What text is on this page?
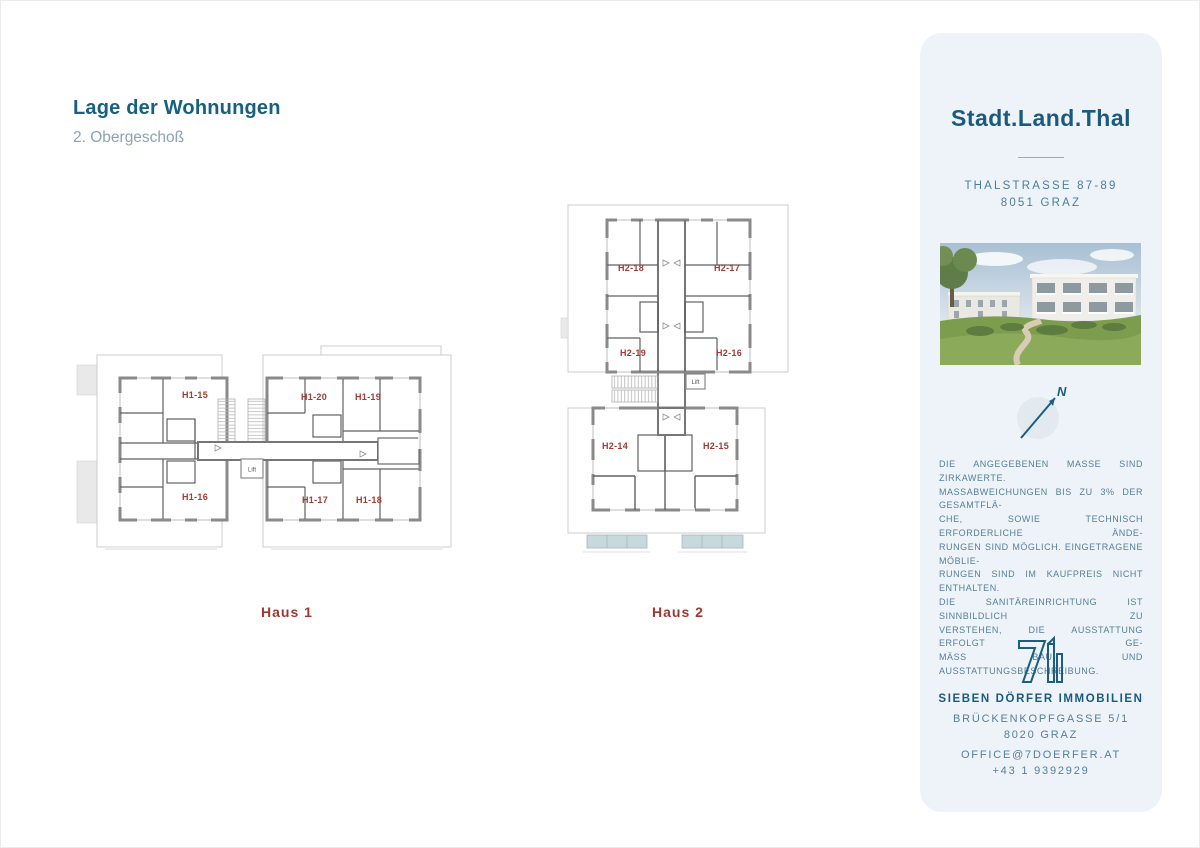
Lage der Wohnungen
2. Obergeschoß
Lift
H1-15	H1-20	H1-19
H1-16	H1-17	H1-18
Lift
H2-18	H2-17
H2-19	H2-16
H2-14	H2-15
Haus 1	Haus 2
Stadt.Land.Thal
THALSTRASSE 87-89
8051 GRAZ
N
DIE ANGEGEBENEN MASSE SIND ZIRKAWERTE.
MASSABWEICHUNGEN BIS ZU 3% DER GESAMTFLÄ-
CHE, SOWIE TECHNISCH ERFORDERLICHE ÄNDE-
RUNGEN SIND MÖGLICH. EINGETRAGENE MÖBLIE-
RUNGEN SIND IM KAUFPREIS NICHT ENTHALTEN.
DIE SANITÄREINRICHTUNG IST SINNBILDLICH ZU
VERSTEHEN, DIE AUSSTATTUNG ERFOLGT GE-
MÄSS BAU- UND AUSSTATTUNGSBESCHREIBUNG.
SIEBEN DÖRFER IMMOBILIEN
BRÜCKENKOPFGASSE 5/1
8020 GRAZ
OFFICE@7DOERFER.AT
+43 1 9392929
